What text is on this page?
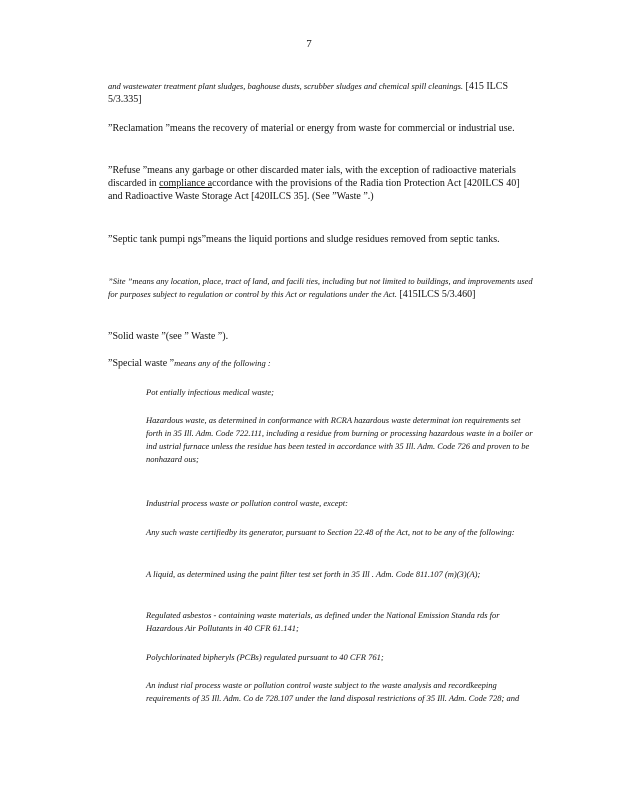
7
and wastewater treatment plant sludges, baghouse dusts, scrubber sludges and chemical spill cleanings. [415 ILCS 5/3.335]
”Reclamation ”means the recovery of material or energy from waste for commercial or industrial use.
”Refuse ”means any garbage or other discarded mater ials, with the exception of radioactive materials discarded in compliance accordance with the provisions of the Radia tion Protection Act [420ILCS 40] and Radioactive Waste Storage Act [420ILCS 35]. (See ”Waste ”.)
”Septic tank pumpi ngs”means the liquid portions and sludge residues removed from septic tanks.
”Site ”means any location, place, tract of land, and facili ties, including but not limited to buildings, and improvements used for purposes subject to regulation or control by this Act or regulations under the Act. [415ILCS 5/3.460]
”Solid waste ”(see ” Waste ”).
”Special waste ”means any of the following :
Pot entially infectious medical waste;
Hazardous waste, as determined in conformance with RCRA hazardous waste determinat ion requirements set forth in 35 Ill. Adm. Code 722.111, including a residue from burning or processing hazardous waste in a boiler or ind ustrial furnace unless the residue has been tested in accordance with 35 Ill. Adm. Code 726 and proven to be nonhazard ous;
Industrial process waste or pollution control waste, except:
Any such waste certifiedby its generator, pursuant to Section 22.48 of the Act, not to be any of the following:
A liquid, as determined using the paint filter test set forth in 35 Ill . Adm. Code 811.107 (m)(3)(A);
Regulated asbestos - containing waste materials, as defined under the National Emission Standa rds for Hazardous Air Pollutants in 40 CFR 61.141;
Polychlorinated bipheryls (PCBs) regulated pursuant to 40 CFR 761;
An indust rial process waste or pollution control waste subject to the waste analysis and recordkeeping requirements of 35 Ill. Adm. Co de 728.107 under the land disposal restrictions of 35 Ill. Adm. Code 728; and
